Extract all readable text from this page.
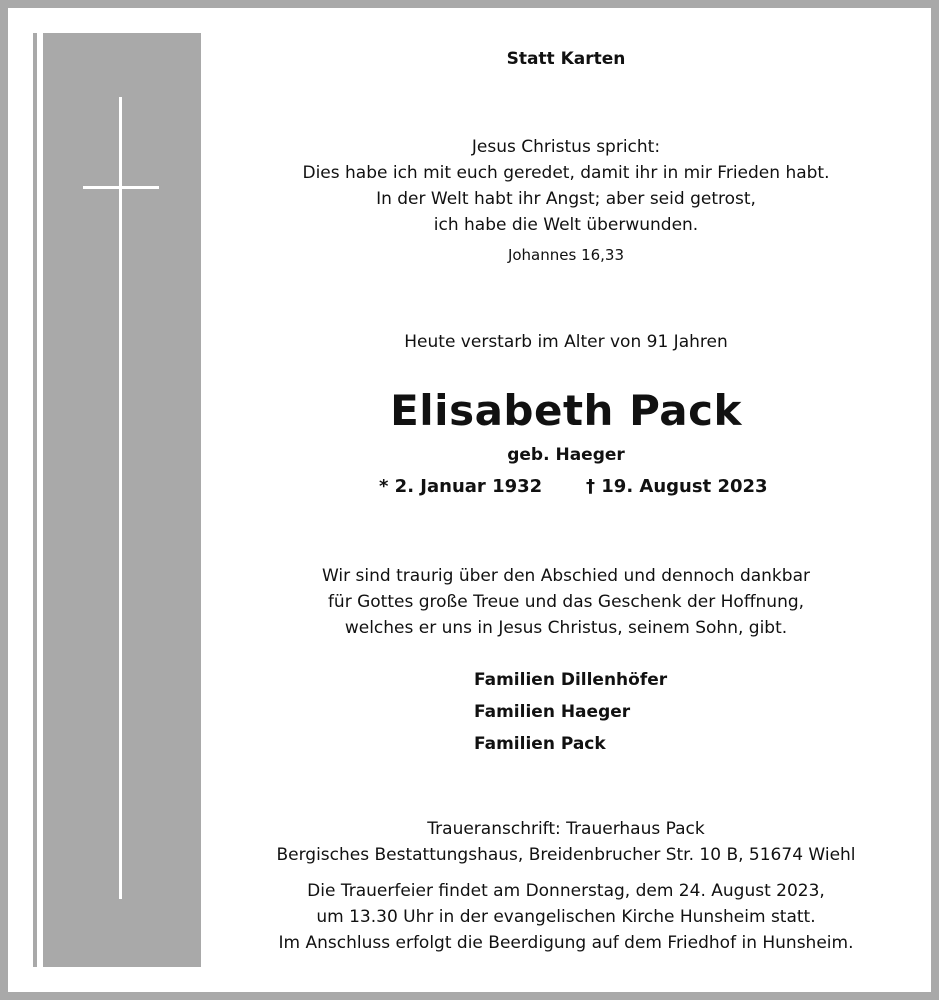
Statt Karten
Jesus Christus spricht:
Dies habe ich mit euch geredet, damit ihr in mir Frieden habt.
In der Welt habt ihr Angst; aber seid getrost,
ich habe die Welt überwunden.
Johannes 16,33
Heute verstarb im Alter von 91 Jahren
Elisabeth Pack
geb. Haeger
* 2. Januar 1932 † 19. August 2023
Wir sind traurig über den Abschied und dennoch dankbar
für Gottes große Treue und das Geschenk der Hoffnung,
welches er uns in Jesus Christus, seinem Sohn, gibt.
Familien Dillenhöfer
Familien Haeger
Familien Pack
Traueranschrift: Trauerhaus Pack
Bergisches Bestattungshaus, Breidenbrucher Str. 10 B, 51674 Wiehl
Die Trauerfeier findet am Donnerstag, dem 24. August 2023,
um 13.30 Uhr in der evangelischen Kirche Hunsheim statt.
Im Anschluss erfolgt die Beerdigung auf dem Friedhof in Hunsheim.
